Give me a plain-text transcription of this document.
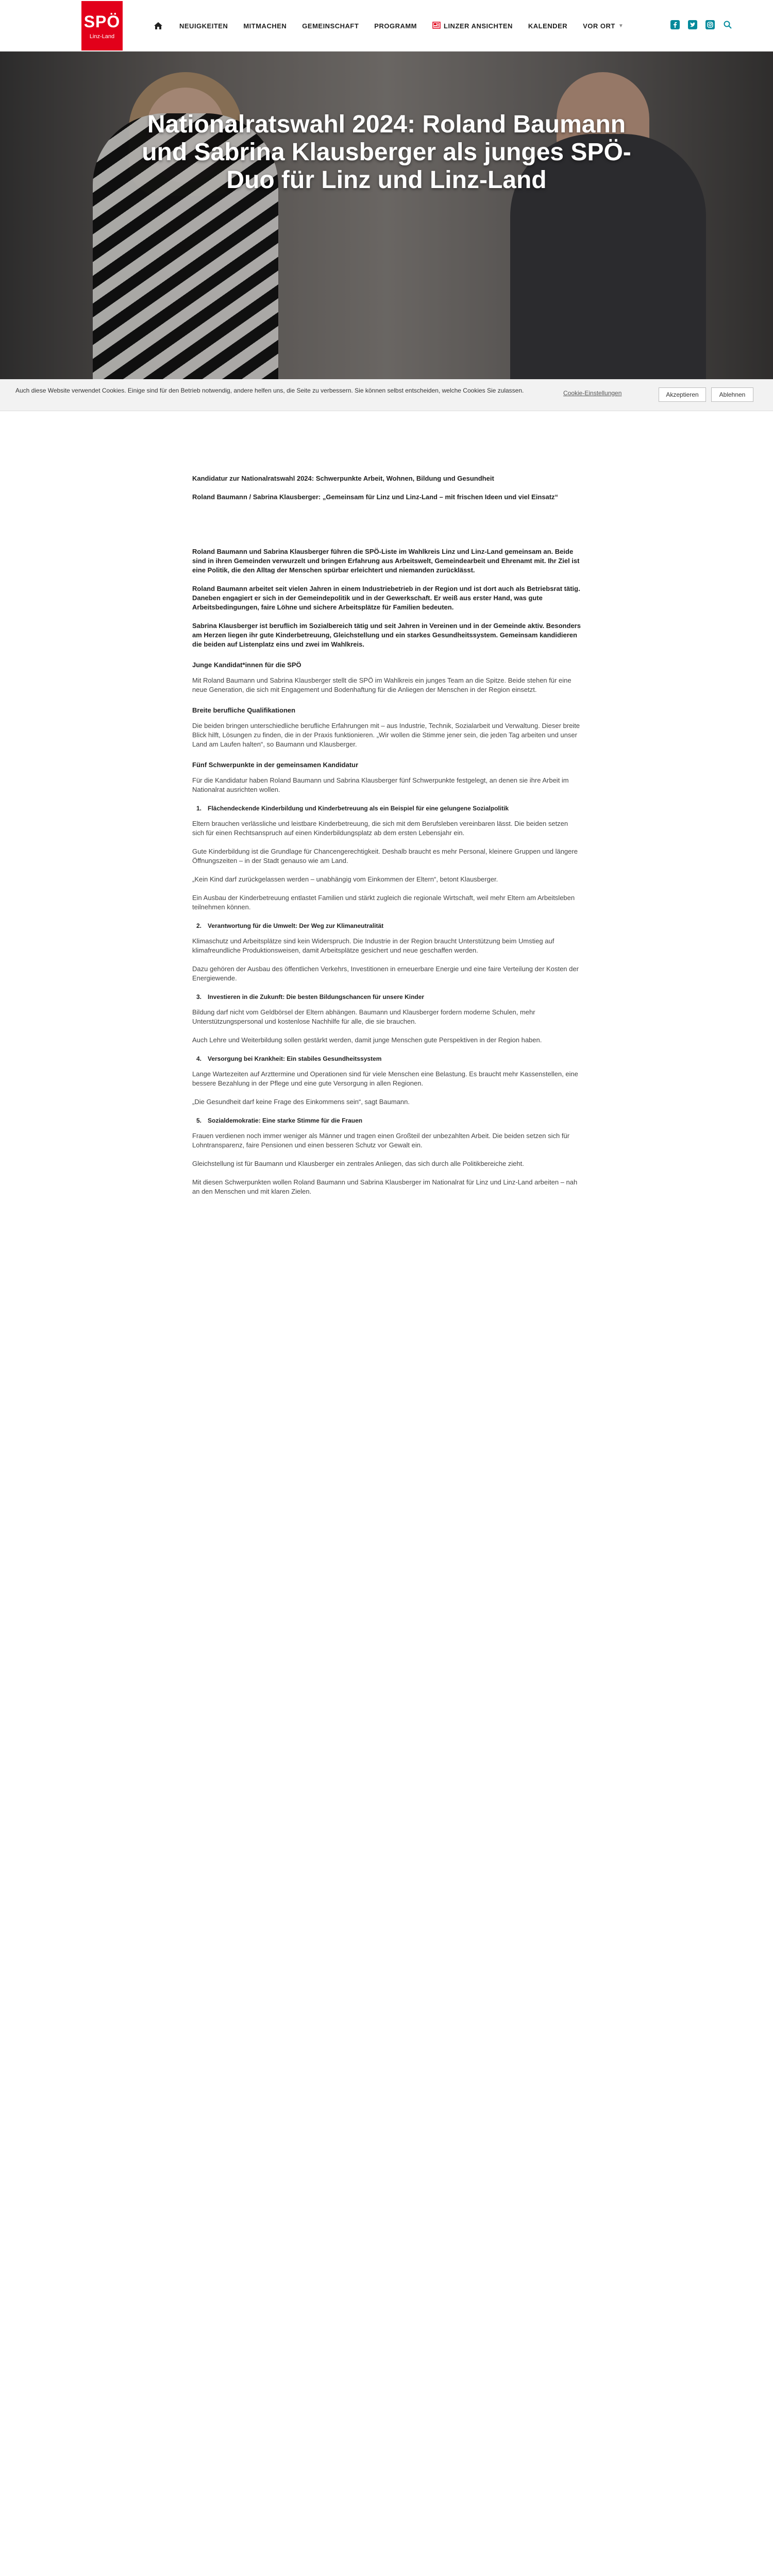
SPÖ
Linz-Land
NEUIGKEITEN MITMACHEN GEMEINSCHAFT PROGRAMM	LINZER ANSICHTEN KALENDER VOR ORT ▼
Nationalratswahl 2024: Roland Baumann und Sabrina Klausberger als junges SPÖ-Duo für Linz und Linz-Land
Auch diese Website verwendet Cookies. Einige sind für den Betrieb notwendig, andere helfen uns, die Seite zu verbessern. Sie können selbst entscheiden, welche Cookies Sie zulassen.	Cookie-Einstellungen	Akzeptieren	Ablehnen

Kandidatur zur Nationalratswahl 2024: Schwerpunkte Arbeit, Wohnen, Bildung und Gesundheit

Roland Baumann / Sabrina Klausberger: „Gemeinsam für Linz und Linz-Land – mit frischen Ideen und viel Einsatz“

Roland Baumann und Sabrina Klausberger führen die SPÖ-Liste im Wahlkreis Linz und Linz-Land gemeinsam an. Beide sind in ihren Gemeinden verwurzelt und bringen Erfahrung aus Arbeitswelt, Gemeindearbeit und Ehrenamt mit. Ihr Ziel ist eine Politik, die den Alltag der Menschen spürbar erleichtert und niemanden zurücklässt.

Roland Baumann arbeitet seit vielen Jahren in einem Industriebetrieb in der Region und ist dort auch als Betriebsrat tätig. Daneben engagiert er sich in der Gemeindepolitik und in der Gewerkschaft. Er weiß aus erster Hand, was gute Arbeitsbedingungen, faire Löhne und sichere Arbeitsplätze für Familien bedeuten.

Sabrina Klausberger ist beruflich im Sozialbereich tätig und seit Jahren in Vereinen und in der Gemeinde aktiv. Besonders am Herzen liegen ihr gute Kinderbetreuung, Gleichstellung und ein starkes Gesundheitssystem. Gemeinsam kandidieren die beiden auf Listenplatz eins und zwei im Wahlkreis.

Junge Kandidat*innen für die SPÖ

Mit Roland Baumann und Sabrina Klausberger stellt die SPÖ im Wahlkreis ein junges Team an die Spitze. Beide stehen für eine neue Generation, die sich mit Engagement und Bodenhaftung für die Anliegen der Menschen in der Region einsetzt.

Breite berufliche Qualifikationen

Die beiden bringen unterschiedliche berufliche Erfahrungen mit – aus Industrie, Technik, Sozialarbeit und Verwaltung. Dieser breite Blick hilft, Lösungen zu finden, die in der Praxis funktionieren. „Wir wollen die Stimme jener sein, die jeden Tag arbeiten und unser Land am Laufen halten“, so Baumann und Klausberger.

Fünf Schwerpunkte in der gemeinsamen Kandidatur

Für die Kandidatur haben Roland Baumann und Sabrina Klausberger fünf Schwerpunkte festgelegt, an denen sie ihre Arbeit im Nationalrat ausrichten wollen.

1. Flächendeckende Kinderbildung und Kinderbetreuung als ein Beispiel für eine gelungene Sozialpolitik

Eltern brauchen verlässliche und leistbare Kinderbetreuung, die sich mit dem Berufsleben vereinbaren lässt. Die beiden setzen sich für einen Rechtsanspruch auf einen Kinderbildungsplatz ab dem ersten Lebensjahr ein.

Gute Kinderbildung ist die Grundlage für Chancengerechtigkeit. Deshalb braucht es mehr Personal, kleinere Gruppen und längere Öffnungszeiten – in der Stadt genauso wie am Land.

„Kein Kind darf zurückgelassen werden – unabhängig vom Einkommen der Eltern“, betont Klausberger.

Ein Ausbau der Kinderbetreuung entlastet Familien und stärkt zugleich die regionale Wirtschaft, weil mehr Eltern am Arbeitsleben teilnehmen können.

2. Verantwortung für die Umwelt: Der Weg zur Klimaneutralität

Klimaschutz und Arbeitsplätze sind kein Widerspruch. Die Industrie in der Region braucht Unterstützung beim Umstieg auf klimafreundliche Produktionsweisen, damit Arbeitsplätze gesichert und neue geschaffen werden.

Dazu gehören der Ausbau des öffentlichen Verkehrs, Investitionen in erneuerbare Energie und eine faire Verteilung der Kosten der Energiewende.

3. Investieren in die Zukunft: Die besten Bildungschancen für unsere Kinder

Bildung darf nicht vom Geldbörsel der Eltern abhängen. Baumann und Klausberger fordern moderne Schulen, mehr Unterstützungspersonal und kostenlose Nachhilfe für alle, die sie brauchen.

Auch Lehre und Weiterbildung sollen gestärkt werden, damit junge Menschen gute Perspektiven in der Region haben.

4. Versorgung bei Krankheit: Ein stabiles Gesundheitssystem

Lange Wartezeiten auf Arzttermine und Operationen sind für viele Menschen eine Belastung. Es braucht mehr Kassenstellen, eine bessere Bezahlung in der Pflege und eine gute Versorgung in allen Regionen.

„Die Gesundheit darf keine Frage des Einkommens sein“, sagt Baumann.

5. Sozialdemokratie: Eine starke Stimme für die Frauen

Frauen verdienen noch immer weniger als Männer und tragen einen Großteil der unbezahlten Arbeit. Die beiden setzen sich für Lohntransparenz, faire Pensionen und einen besseren Schutz vor Gewalt ein.

Gleichstellung ist für Baumann und Klausberger ein zentrales Anliegen, das sich durch alle Politikbereiche zieht.

Mit diesen Schwerpunkten wollen Roland Baumann und Sabrina Klausberger im Nationalrat für Linz und Linz-Land arbeiten – nah an den Menschen und mit klaren Zielen.
